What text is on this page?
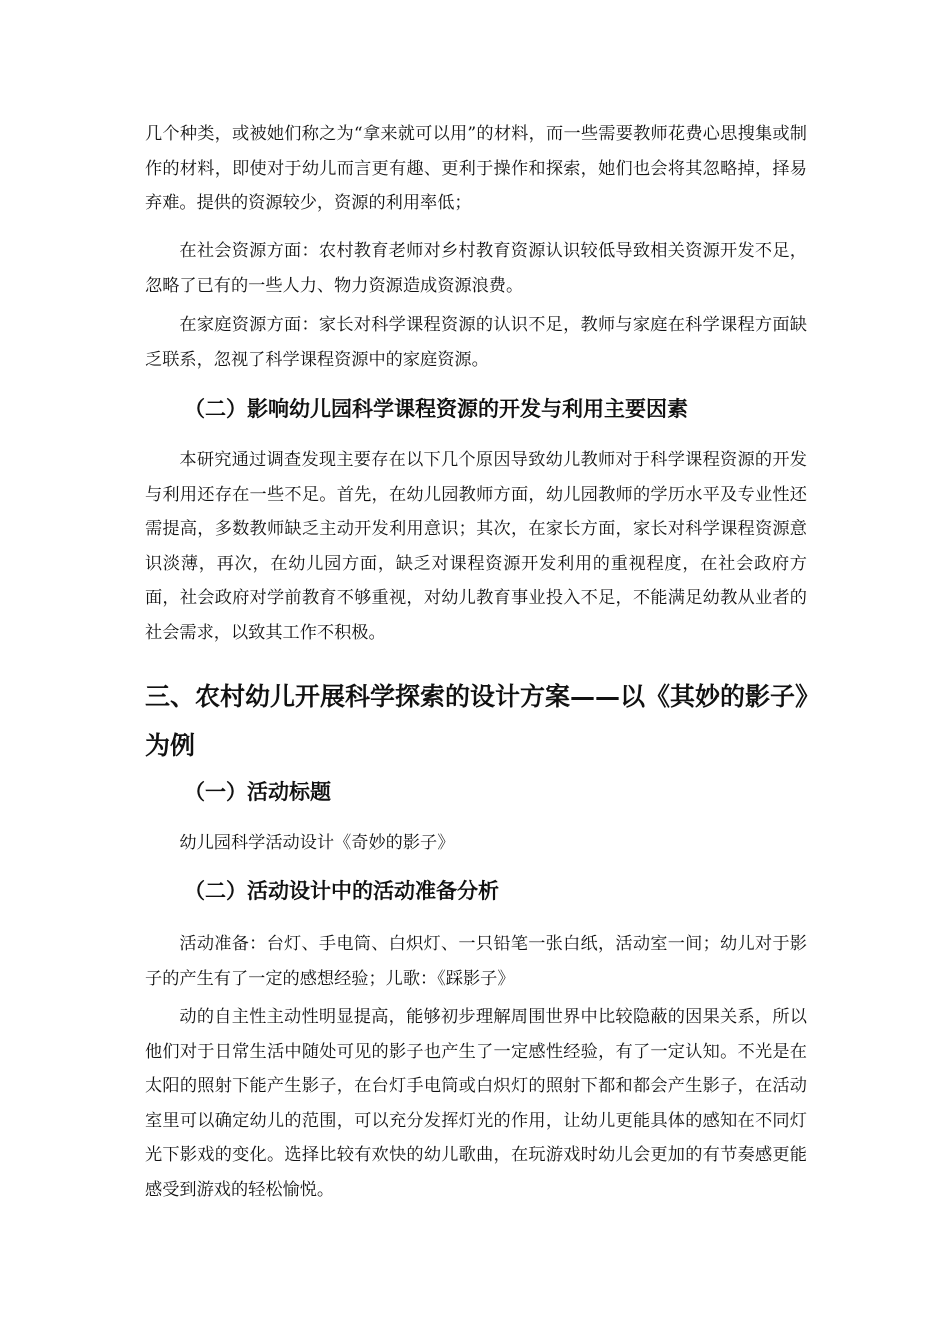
几个种类，或被她们称之为“拿来就可以用”的材料，而一些需要教师花费心思搜集或制作的材料，即使对于幼儿而言更有趣、更利于操作和探索，她们也会将其忽略掉，择易弃难。提供的资源较少，资源的利用率低；

在社会资源方面：农村教育老师对乡村教育资源认识较低导致相关资源开发不足，忽略了已有的一些人力、物力资源造成资源浪费。

在家庭资源方面：家长对科学课程资源的认识不足，教师与家庭在科学课程方面缺乏联系，忽视了科学课程资源中的家庭资源。

（二）影响幼儿园科学课程资源的开发与利用主要因素

本研究通过调查发现主要存在以下几个原因导致幼儿教师对于科学课程资源的开发与利用还存在一些不足。首先，在幼儿园教师方面，幼儿园教师的学历水平及专业性还需提高，多数教师缺乏主动开发利用意识；其次，在家长方面，家长对科学课程资源意识淡薄，再次，在幼儿园方面，缺乏对课程资源开发利用的重视程度，在社会政府方面，社会政府对学前教育不够重视，对幼儿教育事业投入不足，不能满足幼教从业者的社会需求，以致其工作不积极。

三、农村幼儿开展科学探索的设计方案——以《其妙的影子》为例
（一）活动标题

幼儿园科学活动设计《奇妙的影子》

（二）活动设计中的活动准备分析

活动准备：台灯、手电筒、白炽灯、一只铅笔一张白纸，活动室一间；幼儿对于影子的产生有了一定的感想经验；儿歌：《踩影子》

动的自主性主动性明显提高，能够初步理解周围世界中比较隐蔽的因果关系，所以他们对于日常生活中随处可见的影子也产生了一定感性经验，有了一定认知。不光是在太阳的照射下能产生影子，在台灯手电筒或白炽灯的照射下都和都会产生影子，在活动室里可以确定幼儿的范围，可以充分发挥灯光的作用，让幼儿更能具体的感知在不同灯光下影戏的变化。选择比较有欢快的幼儿歌曲，在玩游戏时幼儿会更加的有节奏感更能感受到游戏的轻松愉悦。
